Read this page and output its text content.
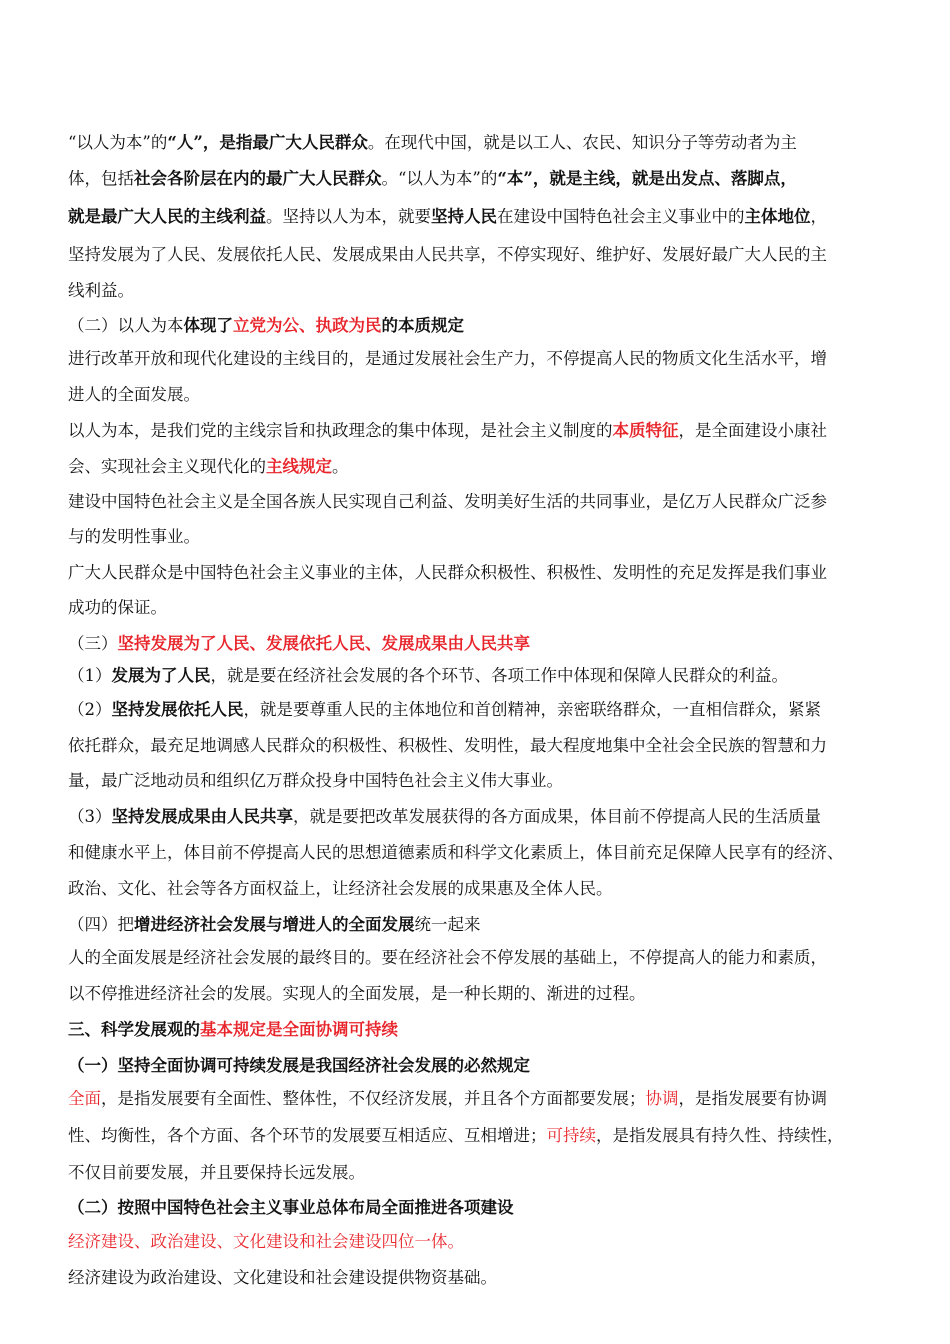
“以人为本”的“人”，是指最广大人民群众。在现代中国，就是以工人、农民、知识分子等劳动者为主
体，包括社会各阶层在内的最广大人民群众。“以人为本”的“本”，就是主线，就是出发点、落脚点，
就是最广大人民的主线利益。坚持以人为本，就要坚持人民在建设中国特色社会主义事业中的主体地位，
坚持发展为了人民、发展依托人民、发展成果由人民共享，不停实现好、维护好、发展好最广大人民的主
线利益。
（二）以人为本体现了立党为公、执政为民的本质规定
进行改革开放和现代化建设的主线目的，是通过发展社会生产力，不停提高人民的物质文化生活水平，增
进人的全面发展。
以人为本，是我们党的主线宗旨和执政理念的集中体现，是社会主义制度的本质特征，是全面建设小康社
会、实现社会主义现代化的主线规定。
建设中国特色社会主义是全国各族人民实现自己利益、发明美好生活的共同事业，是亿万人民群众广泛参
与的发明性事业。
广大人民群众是中国特色社会主义事业的主体，人民群众积极性、积极性、发明性的充足发挥是我们事业
成功的保证。
（三）坚持发展为了人民、发展依托人民、发展成果由人民共享
（1）发展为了人民，就是要在经济社会发展的各个环节、各项工作中体现和保障人民群众的利益。
（2）坚持发展依托人民，就是要尊重人民的主体地位和首创精神，亲密联络群众，一直相信群众，紧紧
依托群众，最充足地调感人民群众的积极性、积极性、发明性，最大程度地集中全社会全民族的智慧和力
量，最广泛地动员和组织亿万群众投身中国特色社会主义伟大事业。
（3）坚持发展成果由人民共享，就是要把改革发展获得的各方面成果，体目前不停提高人民的生活质量
和健康水平上，体目前不停提高人民的思想道德素质和科学文化素质上，体目前充足保障人民享有的经济、
政治、文化、社会等各方面权益上，让经济社会发展的成果惠及全体人民。
（四）把增进经济社会发展与增进人的全面发展统一起来
人的全面发展是经济社会发展的最终目的。要在经济社会不停发展的基础上，不停提高人的能力和素质，
以不停推进经济社会的发展。实现人的全面发展，是一种长期的、渐进的过程。
三、科学发展观的基本规定是全面协调可持续
（一）坚持全面协调可持续发展是我国经济社会发展的必然规定
全面，是指发展要有全面性、整体性，不仅经济发展，并且各个方面都要发展；协调，是指发展要有协调
性、均衡性，各个方面、各个环节的发展要互相适应、互相增进；可持续，是指发展具有持久性、持续性，
不仅目前要发展，并且要保持长远发展。
（二）按照中国特色社会主义事业总体布局全面推进各项建设
经济建设、政治建设、文化建设和社会建设四位一体。
经济建设为政治建设、文化建设和社会建设提供物资基础。
